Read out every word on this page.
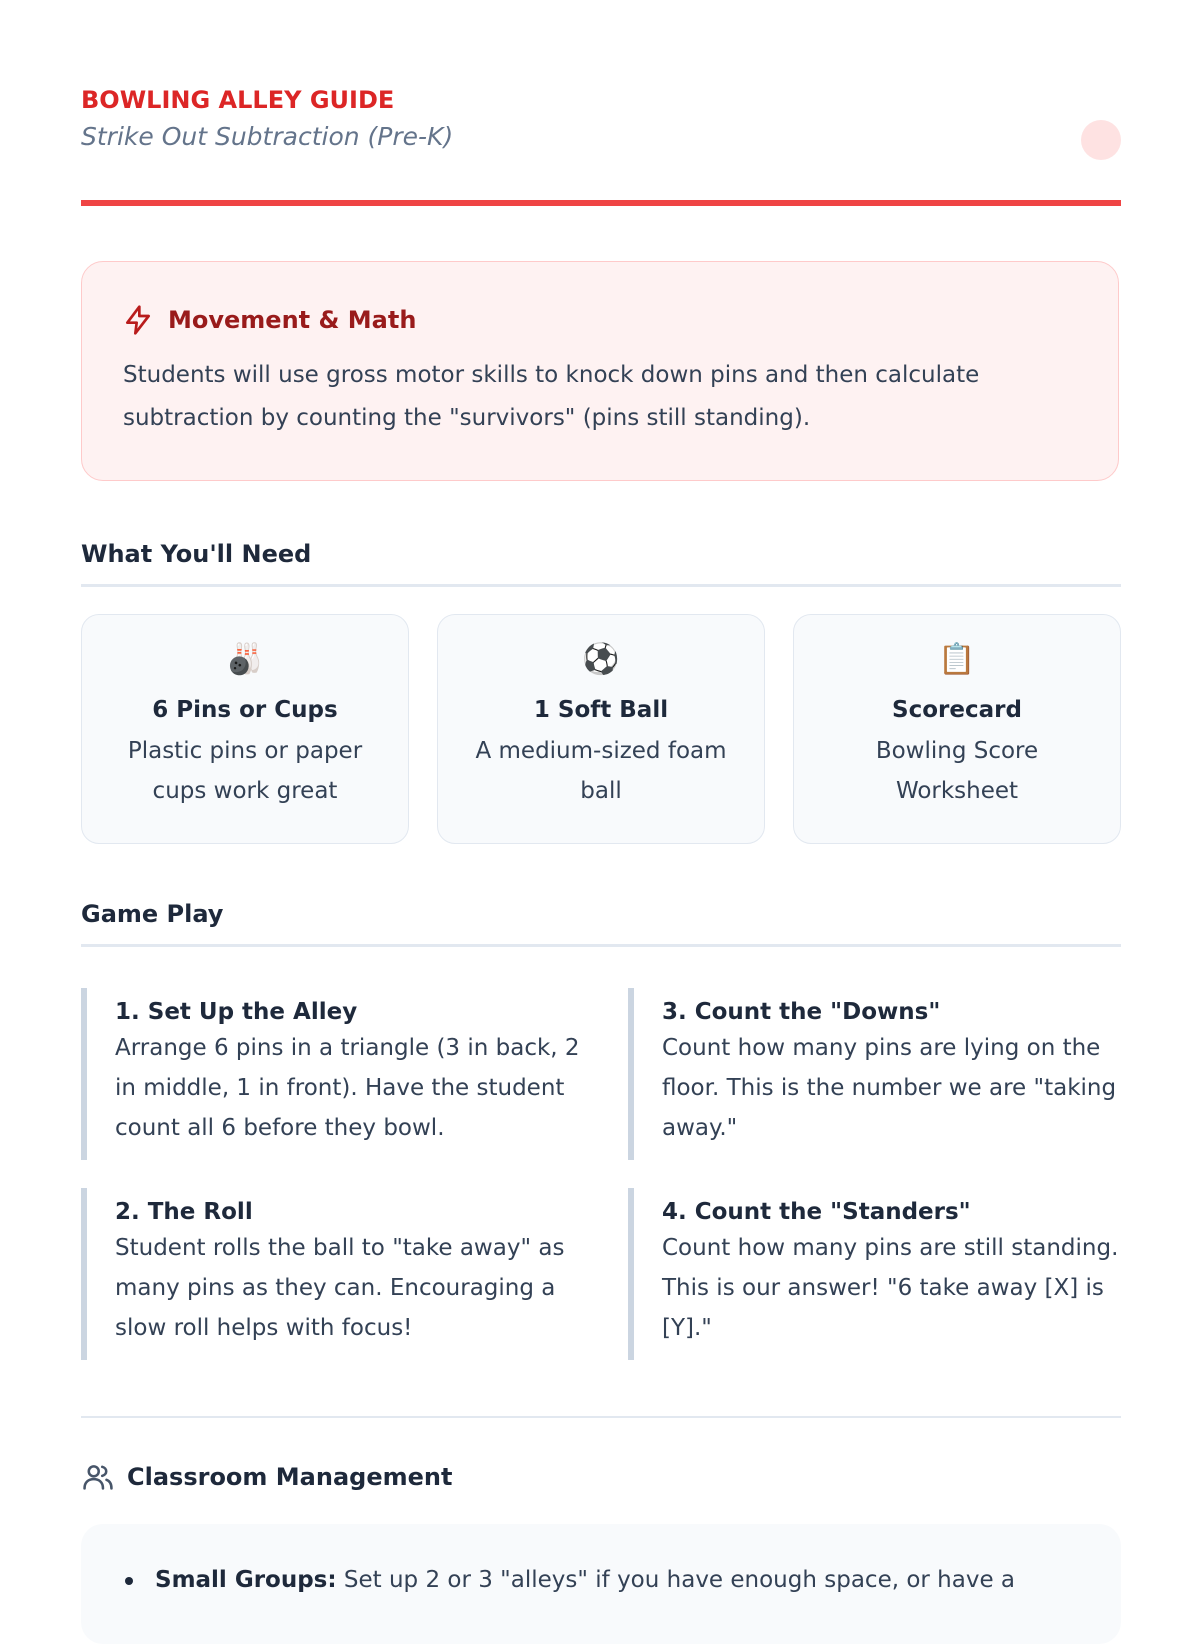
BOWLING ALLEY GUIDE
Strike Out Subtraction (Pre-K)
Movement & Math
Students will use gross motor skills to knock down pins and then calculate subtraction by counting the "survivors" (pins still standing).
What You'll Need
🎳
6 Pins or Cups
Plastic pins or paper cups work great
⚽
1 Soft Ball
A medium-sized foam ball
📋
Scorecard
Bowling Score Worksheet
Game Play
1. Set Up the Alley
Arrange 6 pins in a triangle (3 in back, 2 in middle, 1 in front). Have the student count all 6 before they bowl.
2. The Roll
Student rolls the ball to "take away" as many pins as they can. Encouraging a slow roll helps with focus!
3. Count the "Downs"
Count how many pins are lying on the floor. This is the number we are "taking away."
4. Count the "Standers"
Count how many pins are still standing. This is our answer! "6 take away [X] is [Y]."
Classroom Management
Small Groups: Set up 2 or 3 "alleys" if you have enough space, or have a
